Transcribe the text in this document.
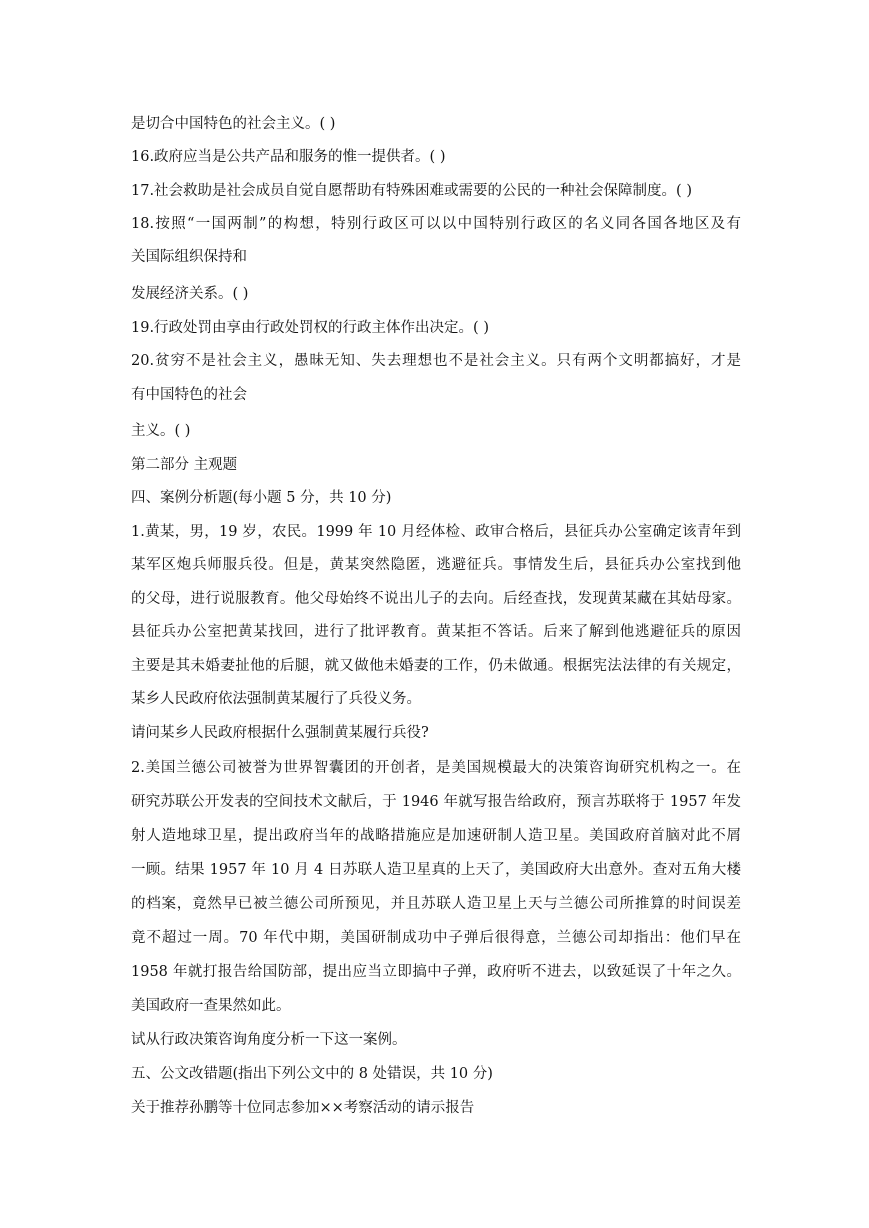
是切合中国特色的社会主义。( )
16.政府应当是公共产品和服务的惟一提供者。( )
17.社会救助是社会成员自觉自愿帮助有特殊困难或需要的公民的一种社会保障制度。( )
18.按照“一国两制”的构想，特别行政区可以以中国特别行政区的名义同各国各地区及有
关国际组织保持和
发展经济关系。( )
19.行政处罚由享由行政处罚权的行政主体作出决定。( )
20.贫穷不是社会主义，愚昧无知、失去理想也不是社会主义。只有两个文明都搞好，才是
有中国特色的社会
主义。( )
第二部分 主观题
四、案例分析题(每小题 5 分，共 10 分)
1.黄某，男，19 岁，农民。1999 年 10 月经体检、政审合格后，县征兵办公室确定该青年到
某军区炮兵师服兵役。但是，黄某突然隐匿，逃避征兵。事情发生后，县征兵办公室找到他
的父母，进行说服教育。他父母始终不说出儿子的去向。后经查找，发现黄某藏在其姑母家。
县征兵办公室把黄某找回，进行了批评教育。黄某拒不答话。后来了解到他逃避征兵的原因
主要是其未婚妻扯他的后腿，就又做他未婚妻的工作，仍未做通。根据宪法法律的有关规定，
某乡人民政府依法强制黄某履行了兵役义务。
请问某乡人民政府根据什么强制黄某履行兵役?
2.美国兰德公司被誉为世界智囊团的开创者，是美国规模最大的决策咨询研究机构之一。在
研究苏联公开发表的空间技术文献后，于 1946 年就写报告给政府，预言苏联将于 1957 年发
射人造地球卫星，提出政府当年的战略措施应是加速研制人造卫星。美国政府首脑对此不屑
一顾。结果 1957 年 10 月 4 日苏联人造卫星真的上天了，美国政府大出意外。查对五角大楼
的档案，竟然早已被兰德公司所预见，并且苏联人造卫星上天与兰德公司所推算的时间误差
竟不超过一周。70 年代中期，美国研制成功中子弹后很得意，兰德公司却指出：他们早在
1958 年就打报告给国防部，提出应当立即搞中子弹，政府听不进去，以致延误了十年之久。
美国政府一查果然如此。
试从行政决策咨询角度分析一下这一案例。
五、公文改错题(指出下列公文中的 8 处错误，共 10 分)
关于推荐孙鹏等十位同志参加××考察活动的请示报告
